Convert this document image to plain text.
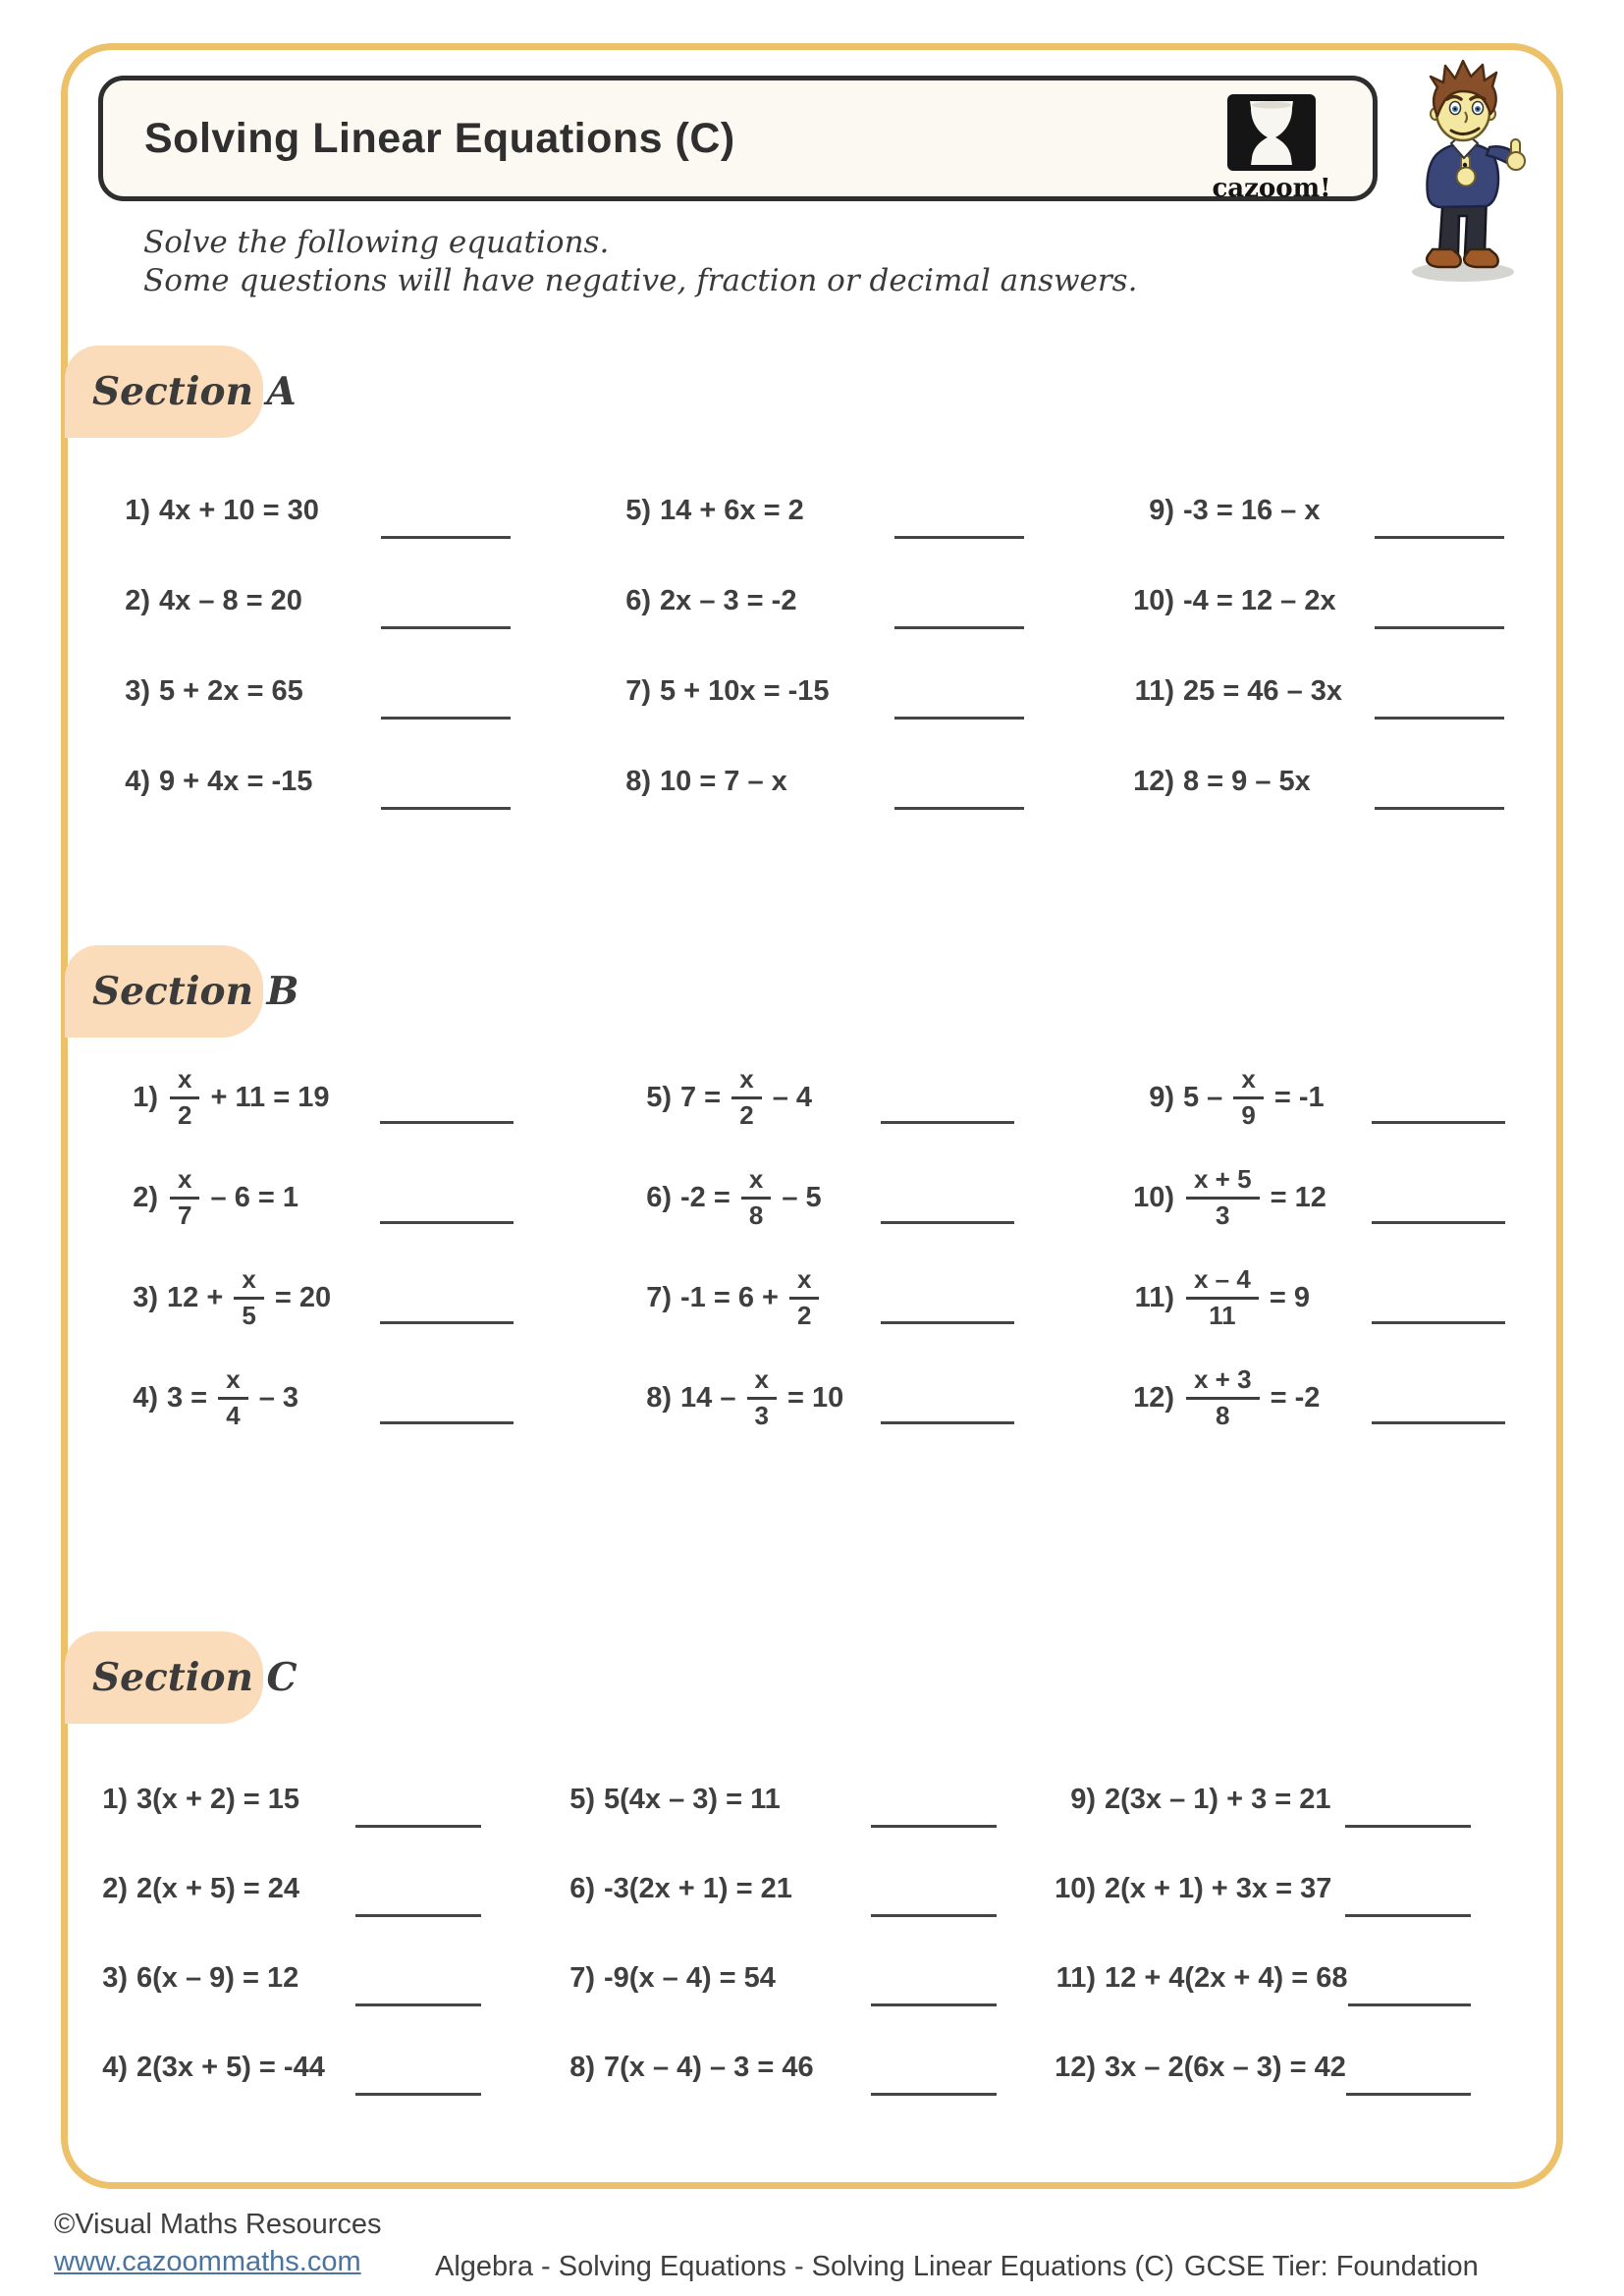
Solving Linear Equations (C)
cazoom!
Solve the following equations.
Some questions will have negative, fraction or decimal answers.
Section A
1) 4x + 10 = 30
2) 4x – 8 = 20
3) 5 + 2x = 65
4) 9 + 4x = -15
5) 14 + 6x = 2
6) 2x – 3 = -2
7) 5 + 10x = -15
8) 10 = 7 – x
9) -3 = 16 – x
10) -4 = 12 – 2x
11) 25 = 46 – 3x
12) 8 = 9 – 5x
Section B
$1) \frac{x}{2} + 11 = 19$
$2) \frac{x}{7} - 6 = 1$
3) $12 + \frac{x}{5} = 20$
4) $3 = \frac{x}{4} - 3$
5) $7 = \frac{x}{2} - 4$
6) $-2 = \frac{x}{8} - 5$
7) $-1 = 6 + \frac{x}{2}$
8) $14 - \frac{x}{3} = 10$
9) $5 - \frac{x}{9} = -1$
$10) \frac{x + 5}{3} = 12$
$11) \frac{x - 4}{11} = 9$
$12) \frac{x + 3}{8} = -2$
Section C
1) 3(x + 2) = 15
2) 2(x + 5) = 24
3) 6(x – 9) = 12
4) 2(3x + 5) = -44
5) 5(4x – 3) = 11
6) -3(2x + 1) = 21
7) -9(x – 4) = 54
8) 7(x – 4) – 3 = 46
9) 2(3x – 1) + 3 = 21
10) 2(x + 1) + 3x = 37
11) 12 + 4(2x + 4) = 68
12) 3x – 2(6x – 3) = 42
©Visual Maths Resources
www.cazoommaths.com	Algebra - Solving Equations - Solving Linear Equations (C) GCSE Tier: Foundation
